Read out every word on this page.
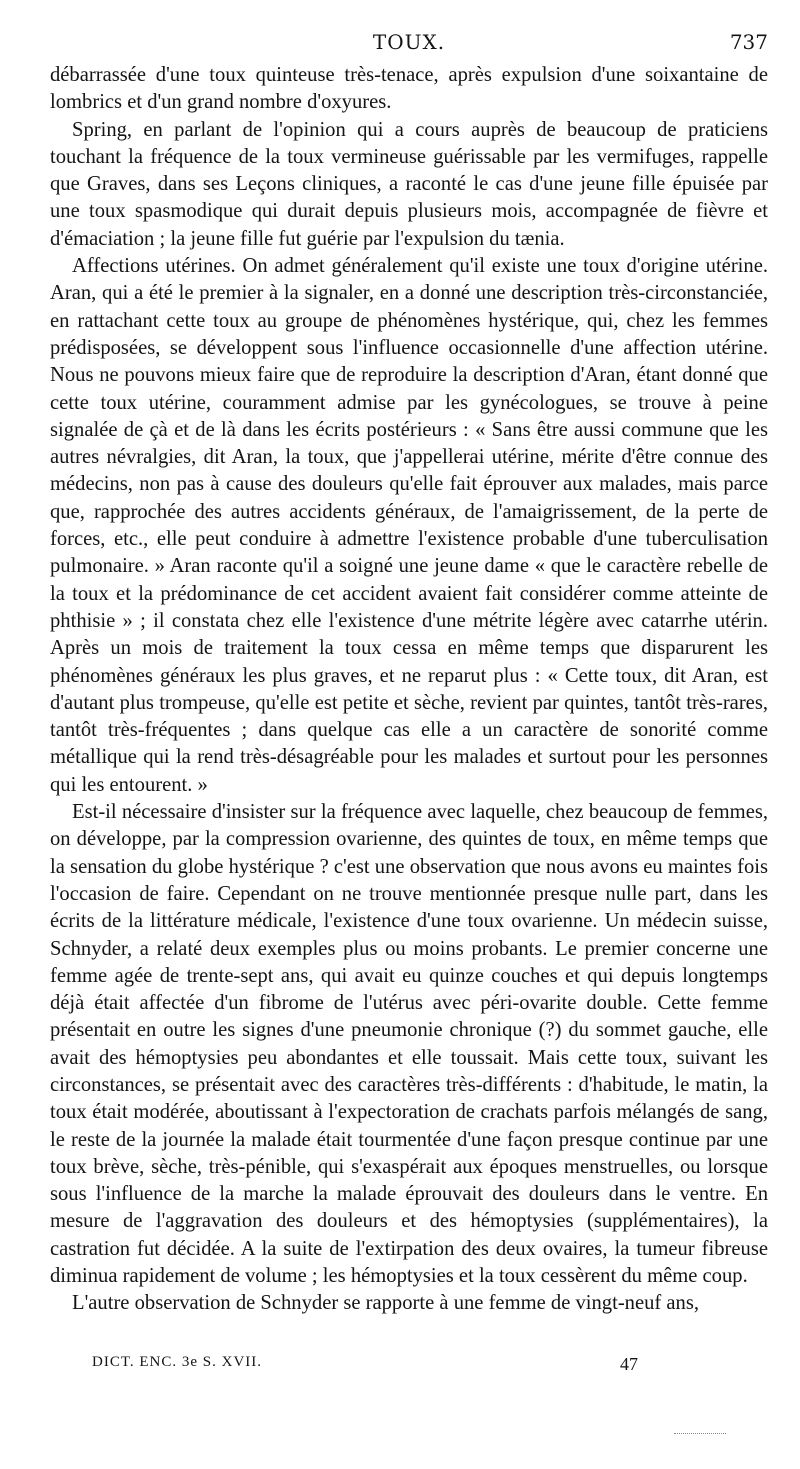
TOUX.	737

débarrassée d'une toux quinteuse très-tenace, après expulsion d'une soixantaine de lombrics et d'un grand nombre d'oxyures.

Spring, en parlant de l'opinion qui a cours auprès de beaucoup de praticiens touchant la fréquence de la toux vermineuse guérissable par les vermifuges, rappelle que Graves, dans ses Leçons cliniques, a raconté le cas d'une jeune fille épuisée par une toux spasmodique qui durait depuis plusieurs mois, accompagnée de fièvre et d'émaciation ; la jeune fille fut guérie par l'expulsion du tænia.

Affections utérines. On admet généralement qu'il existe une toux d'origine utérine. Aran, qui a été le premier à la signaler, en a donné une description très-circonstanciée, en rattachant cette toux au groupe de phénomènes hystérique, qui, chez les femmes prédisposées, se développent sous l'influence occasionnelle d'une affection utérine. Nous ne pouvons mieux faire que de reproduire la description d'Aran, étant donné que cette toux utérine, couramment admise par les gynécologues, se trouve à peine signalée de çà et de là dans les écrits postérieurs : « Sans être aussi commune que les autres névralgies, dit Aran, la toux, que j'appellerai utérine, mérite d'être connue des médecins, non pas à cause des douleurs qu'elle fait éprouver aux malades, mais parce que, rapprochée des autres accidents généraux, de l'amaigrissement, de la perte de forces, etc., elle peut conduire à admettre l'existence probable d'une tuberculisation pulmonaire. » Aran raconte qu'il a soigné une jeune dame « que le caractère rebelle de la toux et la prédominance de cet accident avaient fait considérer comme atteinte de phthisie » ; il constata chez elle l'existence d'une métrite légère avec catarrhe utérin. Après un mois de traitement la toux cessa en même temps que disparurent les phénomènes généraux les plus graves, et ne reparut plus : « Cette toux, dit Aran, est d'autant plus trompeuse, qu'elle est petite et sèche, revient par quintes, tantôt très-rares, tantôt très-fréquentes ; dans quelque cas elle a un caractère de sonorité comme métallique qui la rend très-désagréable pour les malades et surtout pour les personnes qui les entourent. »

Est-il nécessaire d'insister sur la fréquence avec laquelle, chez beaucoup de femmes, on développe, par la compression ovarienne, des quintes de toux, en même temps que la sensation du globe hystérique ? c'est une observation que nous avons eu maintes fois l'occasion de faire. Cependant on ne trouve mentionnée presque nulle part, dans les écrits de la littérature médicale, l'existence d'une toux ovarienne. Un médecin suisse, Schnyder, a relaté deux exemples plus ou moins probants. Le premier concerne une femme agée de trente-sept ans, qui avait eu quinze couches et qui depuis longtemps déjà était affectée d'un fibrome de l'utérus avec péri-ovarite double. Cette femme présentait en outre les signes d'une pneumonie chronique (?) du sommet gauche, elle avait des hémoptysies peu abondantes et elle toussait. Mais cette toux, suivant les circonstances, se présentait avec des caractères très-différents : d'habitude, le matin, la toux était modérée, aboutissant à l'expectoration de crachats parfois mélangés de sang, le reste de la journée la malade était tourmentée d'une façon presque continue par une toux brève, sèche, très-pénible, qui s'exaspérait aux époques menstruelles, ou lorsque sous l'influence de la marche la malade éprouvait des douleurs dans le ventre. En mesure de l'aggravation des douleurs et des hémoptysies (supplémentaires), la castration fut décidée. A la suite de l'extirpation des deux ovaires, la tumeur fibreuse diminua rapidement de volume ; les hémoptysies et la toux cessèrent du même coup.

L'autre observation de Schnyder se rapporte à une femme de vingt-neuf ans,

DICT. ENC. 3e S. XVII.	47
